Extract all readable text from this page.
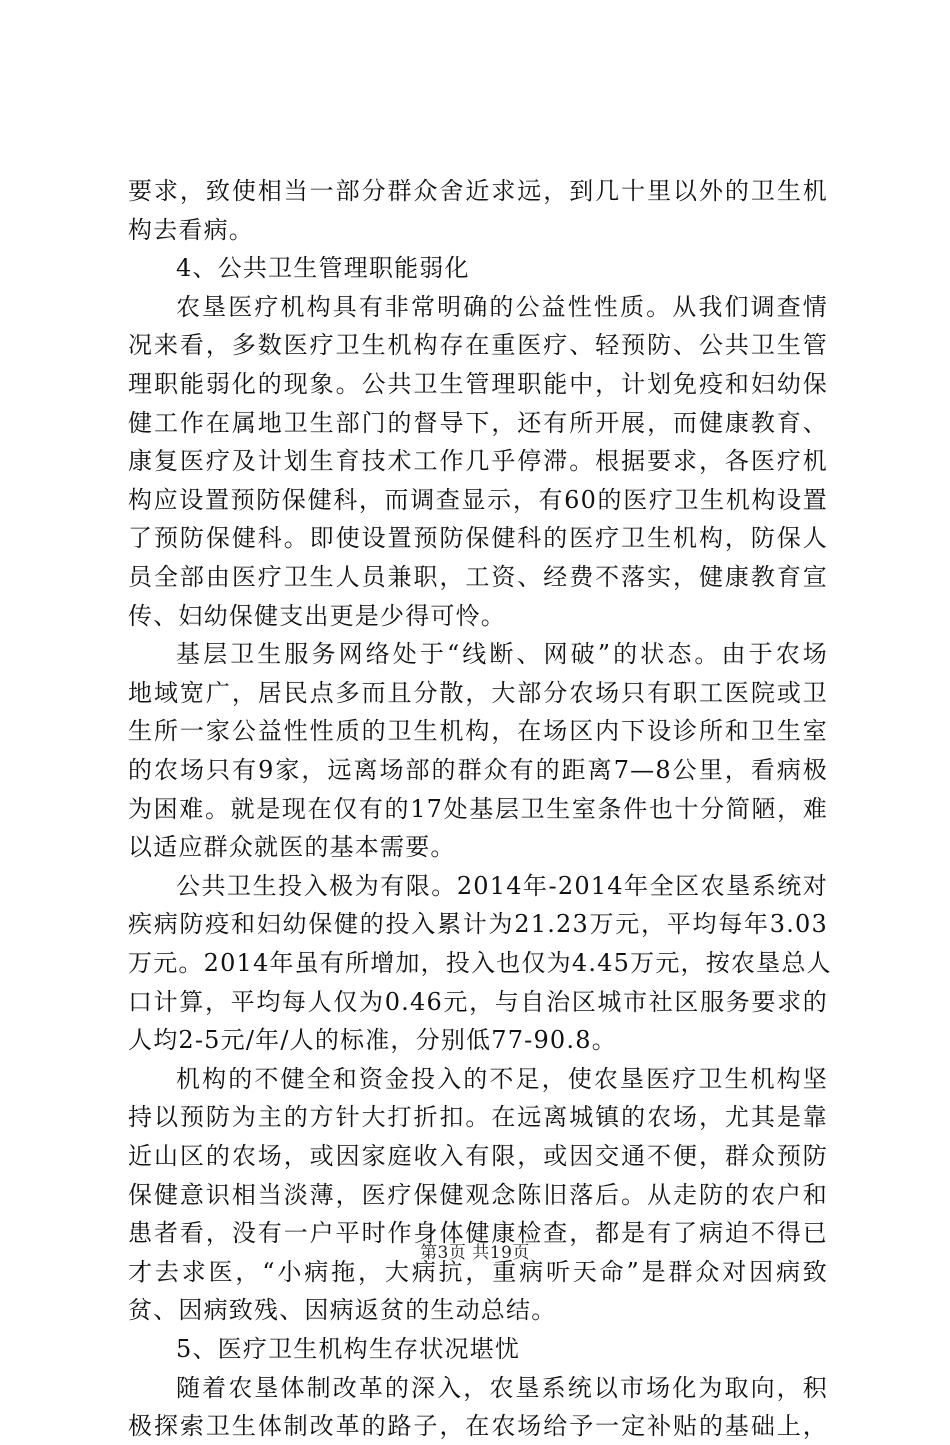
要求，致使相当一部分群众舍近求远，到几十里以外的卫生机
构去看病。
4、公共卫生管理职能弱化
农垦医疗机构具有非常明确的公益性性质。从我们调查情
况来看，多数医疗卫生机构存在重医疗、轻预防、公共卫生管
理职能弱化的现象。公共卫生管理职能中，计划免疫和妇幼保
健工作在属地卫生部门的督导下，还有所开展，而健康教育、
康复医疗及计划生育技术工作几乎停滞。根据要求，各医疗机
构应设置预防保健科，而调查显示，有60的医疗卫生机构设置
了预防保健科。即使设置预防保健科的医疗卫生机构，防保人
员全部由医疗卫生人员兼职，工资、经费不落实，健康教育宣
传、妇幼保健支出更是少得可怜。
基层卫生服务网络处于“线断、网破”的状态。由于农场
地域宽广，居民点多而且分散，大部分农场只有职工医院或卫
生所一家公益性性质的卫生机构，在场区内下设诊所和卫生室
的农场只有9家，远离场部的群众有的距离7—8公里，看病极
为困难。就是现在仅有的17处基层卫生室条件也十分简陋，难
以适应群众就医的基本需要。
公共卫生投入极为有限。2014年-2014年全区农垦系统对
疾病防疫和妇幼保健的投入累计为21.23万元，平均每年3.03
万元。2014年虽有所增加，投入也仅为4.45万元，按农垦总人
口计算，平均每人仅为0.46元，与自治区城市社区服务要求的
人均2-5元/年/人的标准，分别低77-90.8。
机构的不健全和资金投入的不足，使农垦医疗卫生机构坚
持以预防为主的方针大打折扣。在远离城镇的农场，尤其是靠
近山区的农场，或因家庭收入有限，或因交通不便，群众预防
保健意识相当淡薄，医疗保健观念陈旧落后。从走防的农户和
患者看，没有一户平时作身体健康检查，都是有了病迫不得已
才去求医，“小病拖，大病抗，重病听天命”是群众对因病致
贫、因病致残、因病返贫的生动总结。
5、医疗卫生机构生存状况堪忧
随着农垦体制改革的深入，农垦系统以市场化为取向，积
极探索卫生体制改革的路子，在农场给予一定补贴的基础上，
第3页 共19页
